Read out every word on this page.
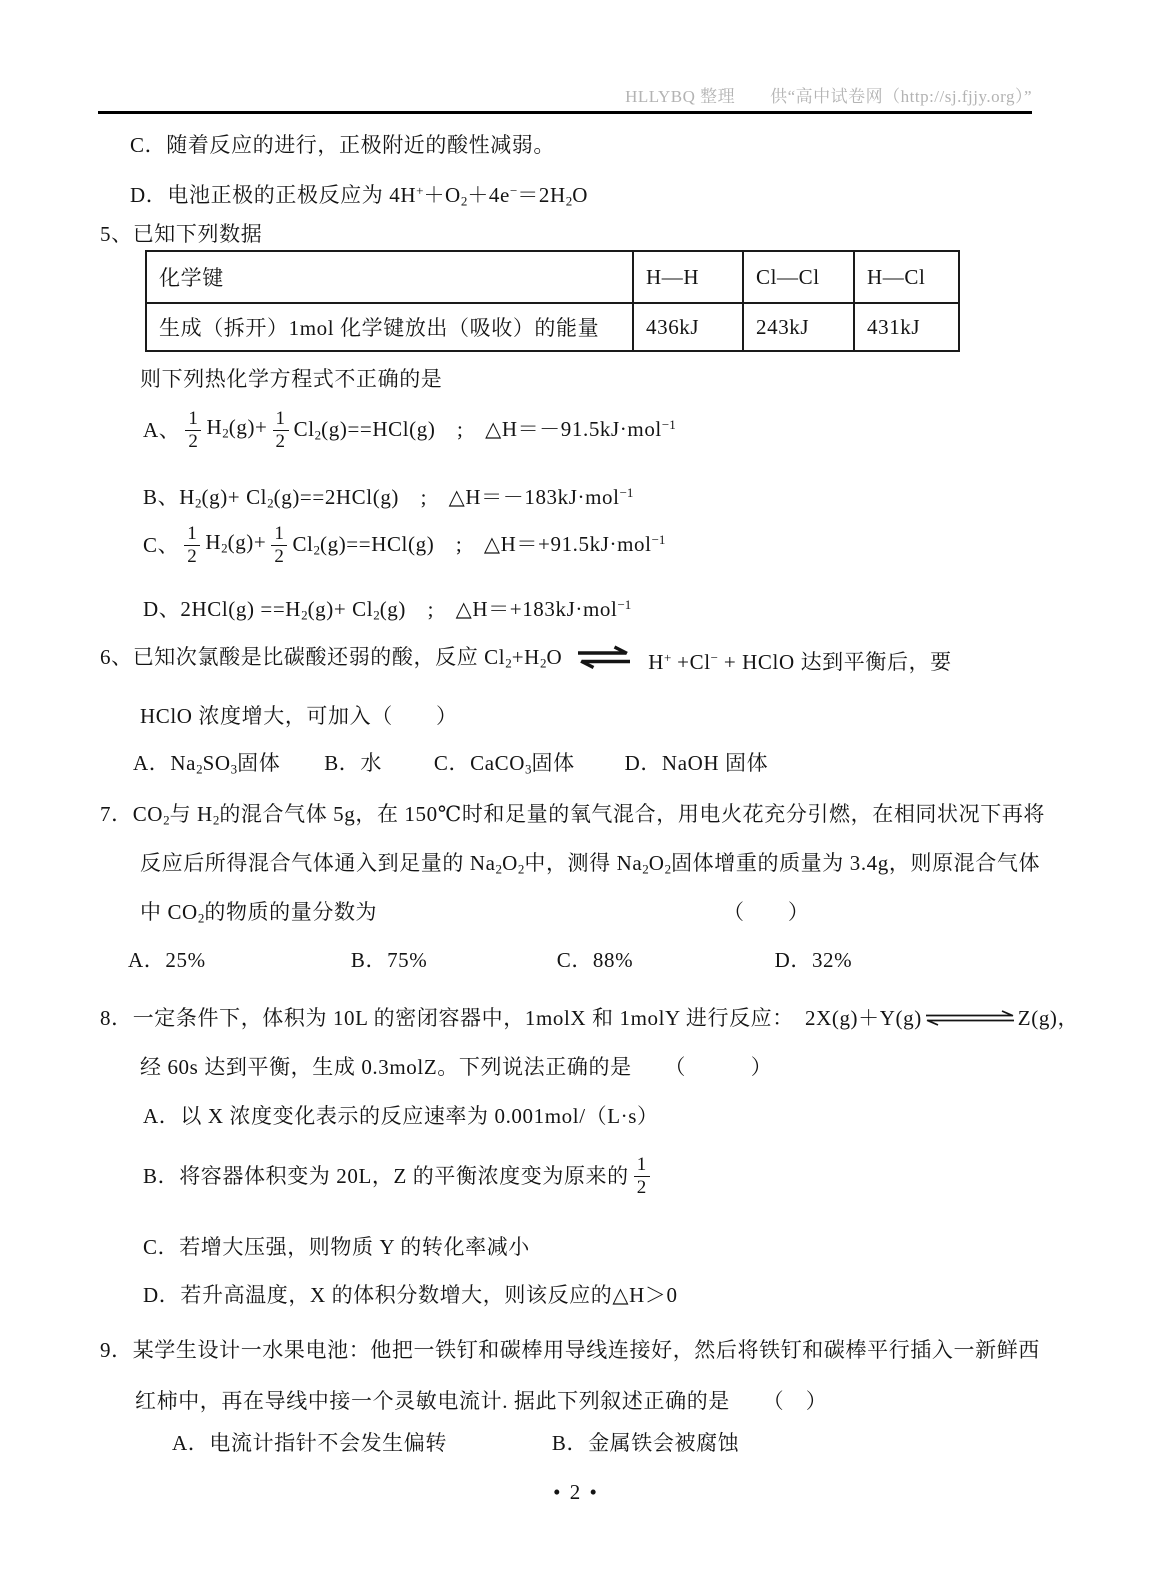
HLLYBQ 整理　　供“高中试卷网（http://sj.fjjy.org）”
C．随着反应的进行，正极附近的酸性减弱。
D．电池正极的正极反应为 $4H^++O_2+4e^-=2H_2O$
5、已知下列数据
化学键	H—H	Cl—Cl	H—Cl
生成（拆开）1mol 化学键放出（吸收）的能量	436kJ	243kJ	431kJ
则下列热化学方程式不正确的是
A、 $\frac{1}{2} H_2(g)+ \frac{1}{2} Cl_2(g)==HCl(g)$　;　△H＝－91.5kJ·mol$^{-1}$
B、$H_2(g)+ Cl_2(g)==2HCl(g)$　;　△H＝－183kJ·mol$^{-1}$
C、 $\frac{1}{2} H_2(g)+ \frac{1}{2} Cl_2(g)==HCl(g)$　;　△H＝+91.5kJ·mol$^{-1}$
D、$2HCl(g) ==H_2(g)+ Cl_2(g)$　;　△H＝+183kJ·mol$^{-1}$
6、已知次氯酸是比碳酸还弱的酸，反应 $Cl_2+H_2O$ ⇌ H+ +Cl− + HClO 达到平衡后，要
HClO 浓度增大，可加入（　　）
A．$Na_2SO_3$固体 B．水 C．CaCO$_3$固体 D．NaOH 固体
7．$CO_2$与 $H_2$的混合气体 5g，在 150℃时和足量的氧气混合，用电火花充分引燃，在相同状况下再将
反应后所得混合气体通入到足量的 $Na_2O_2$中，测得 $Na_2O_2$固体增重的质量为 3.4g，则原混合气体
中 $CO_2$的物质的量分数为	（　　）
A．25%	B．75%	C．88%	D．32%
8．一定条件下，体积为 10L 的密闭容器中，1molX 和 1molY 进行反应：　2X(g)＋Y(g)	Z(g)，
经 60s 达到平衡，生成 0.3molZ。下列说法正确的是　　（　　　）
A．以 X 浓度变化表示的反应速率为 0.001mol/（L·s）
B．将容器体积变为 20L，Z 的平衡浓度变为原来的 $\frac{1}{2}$
C．若增大压强，则物质 Y 的转化率减小
D．若升高温度，X 的体积分数增大，则该反应的△H＞0
9．某学生设计一水果电池：他把一铁钉和碳棒用导线连接好，然后将铁钉和碳棒平行插入一新鲜西
红柿中，再在导线中接一个灵敏电流计. 据此下列叙述正确的是　　（　）
A．电流计指针不会发生偏转	B．金属铁会被腐蚀
• 2 •
